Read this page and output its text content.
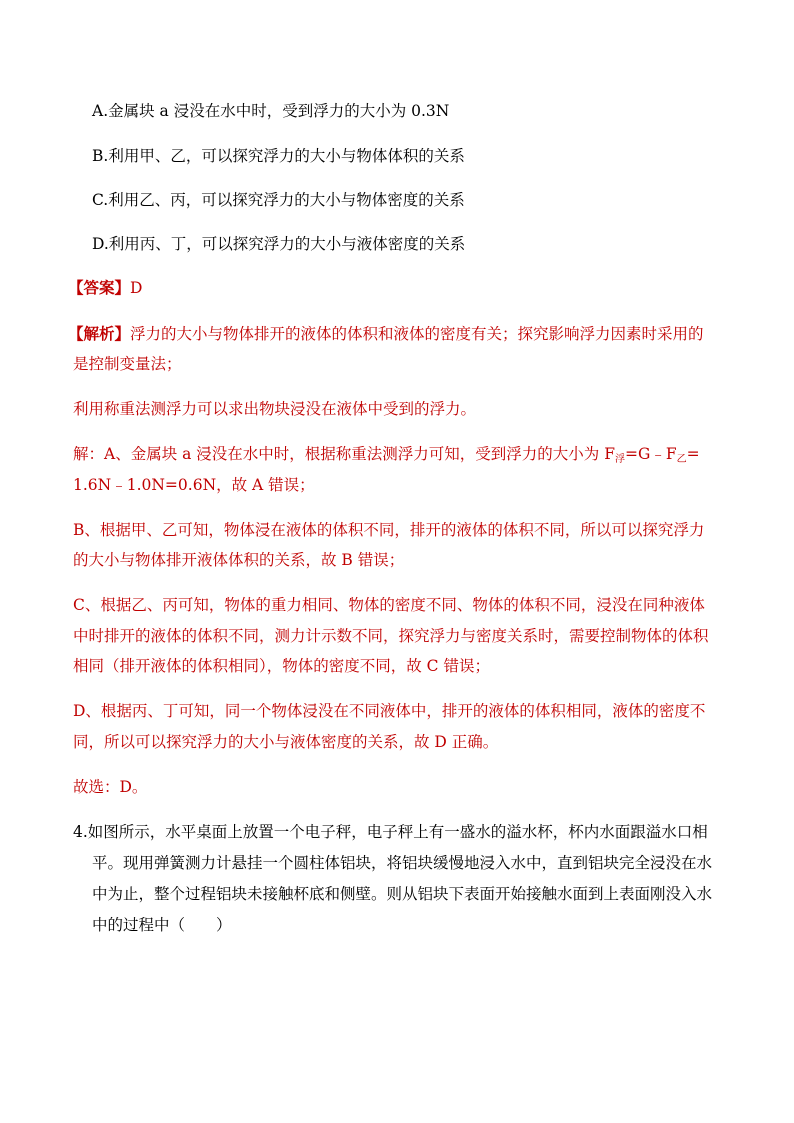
A.金属块 a 浸没在水中时，受到浮力的大小为 0.3N
B.利用甲、乙，可以探究浮力的大小与物体体积的关系
C.利用乙、丙，可以探究浮力的大小与物体密度的关系
D.利用丙、丁，可以探究浮力的大小与液体密度的关系
【答案】D
【解析】浮力的大小与物体排开的液体的体积和液体的密度有关；探究影响浮力因素时采用的
是控制变量法；
利用称重法测浮力可以求出物块浸没在液体中受到的浮力。
解：A、金属块 a 浸没在水中时，根据称重法测浮力可知，受到浮力的大小为 $F_浮=G﹣F_乙=$
1.6N﹣1.0N=0.6N，故 A 错误；
B、根据甲、乙可知，物体浸在液体的体积不同，排开的液体的体积不同，所以可以探究浮力
的大小与物体排开液体体积的关系，故 B 错误；
C、根据乙、丙可知，物体的重力相同、物体的密度不同、物体的体积不同，浸没在同种液体
中时排开的液体的体积不同，测力计示数不同，探究浮力与密度关系时，需要控制物体的体积
相同（排开液体的体积相同），物体的密度不同，故 C 错误；
D、根据丙、丁可知，同一个物体浸没在不同液体中，排开的液体的体积相同，液体的密度不
同，所以可以探究浮力的大小与液体密度的关系，故 D 正确。
故选：D。
4.如图所示，水平桌面上放置一个电子秤，电子秤上有一盛水的溢水杯，杯内水面跟溢水口相
平。现用弹簧测力计悬挂一个圆柱体铝块，将铝块缓慢地浸入水中，直到铝块完全浸没在水
中为止，整个过程铝块未接触杯底和侧壁。则从铝块下表面开始接触水面到上表面刚没入水
中的过程中（　　）
